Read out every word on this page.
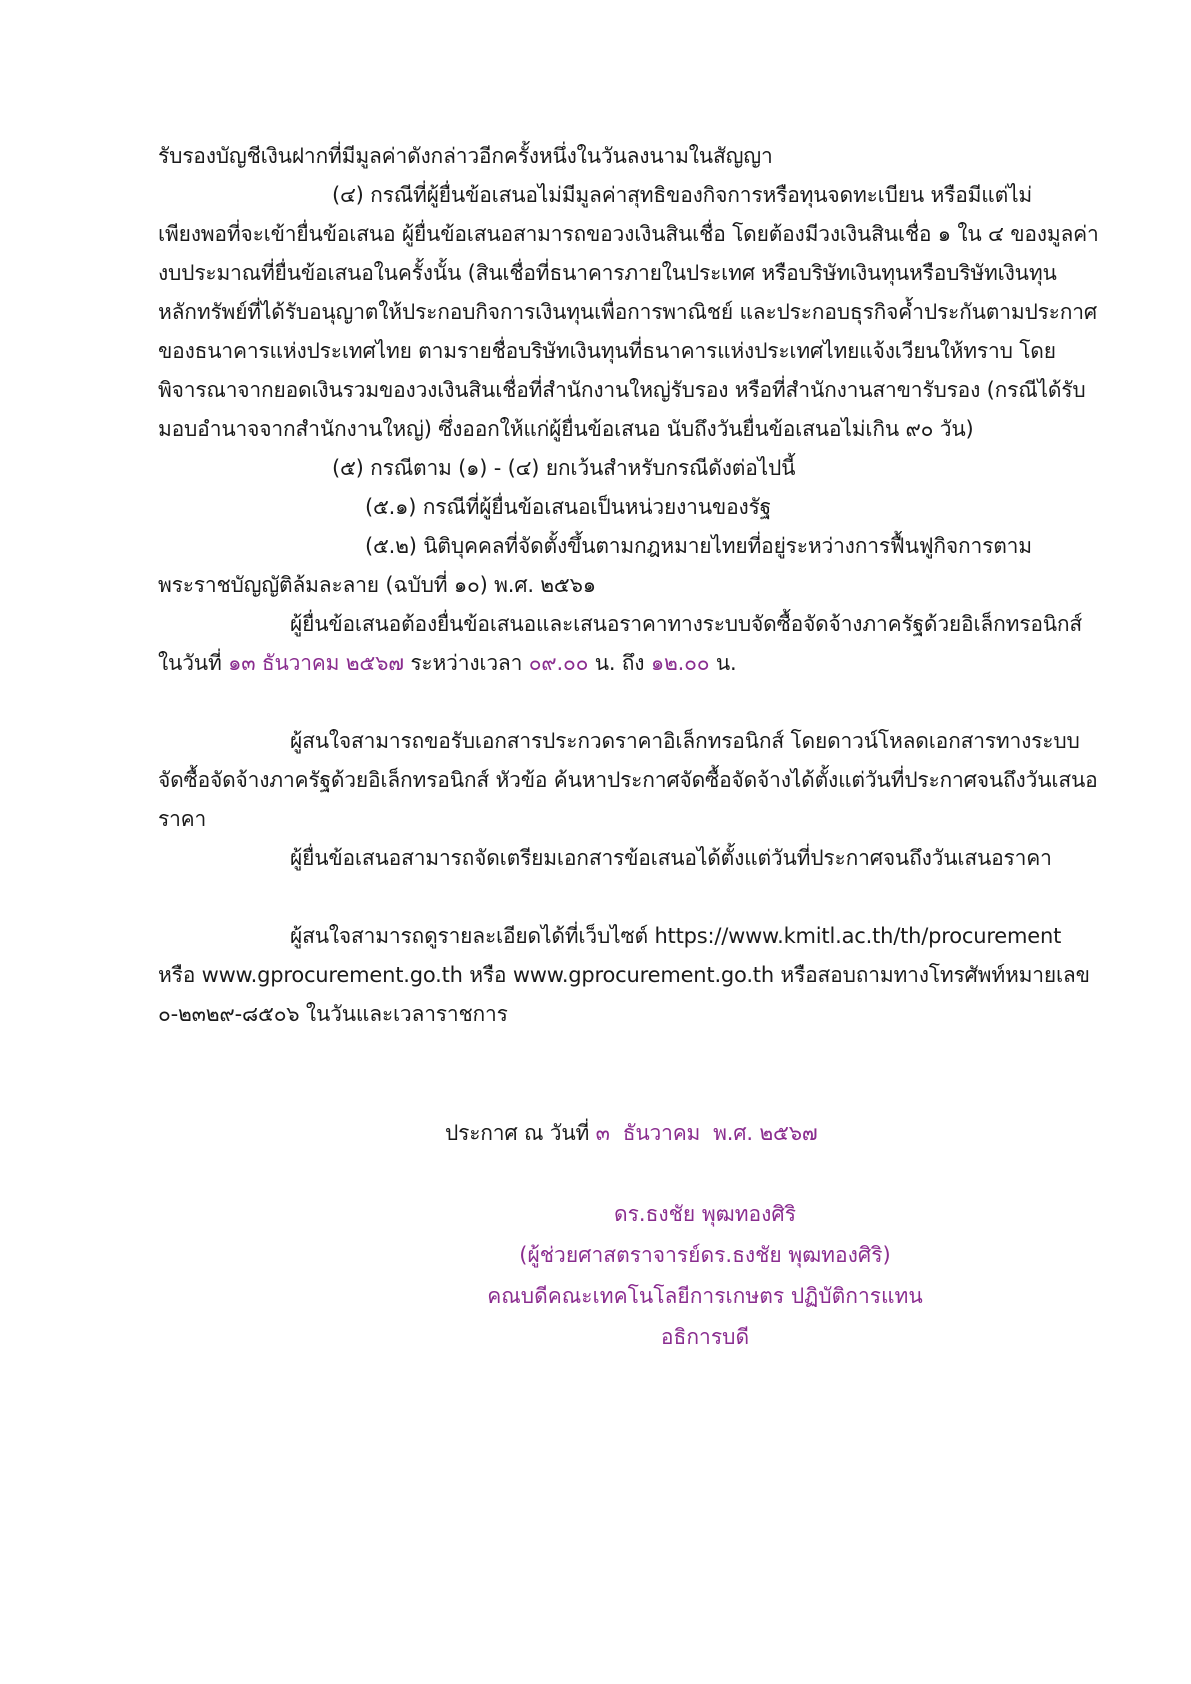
รับรองบัญชีเงินฝากที่มีมูลค่าดังกล่าวอีกครั้งหนึ่งในวันลงนามในสัญญา
(๔) กรณีที่ผู้ยื่นข้อเสนอไม่มีมูลค่าสุทธิของกิจการหรือทุนจดทะเบียน หรือมีแต่ไม่
เพียงพอที่จะเข้ายื่นข้อเสนอ ผู้ยื่นข้อเสนอสามารถขอวงเงินสินเชื่อ โดยต้องมีวงเงินสินเชื่อ ๑ ใน ๔ ของมูลค่า
งบประมาณที่ยื่นข้อเสนอในครั้งนั้น (สินเชื่อที่ธนาคารภายในประเทศ หรือบริษัทเงินทุนหรือบริษัทเงินทุน
หลักทรัพย์ที่ได้รับอนุญาตให้ประกอบกิจการเงินทุนเพื่อการพาณิชย์ และประกอบธุรกิจค้ำประกันตามประกาศ
ของธนาคารแห่งประเทศไทย ตามรายชื่อบริษัทเงินทุนที่ธนาคารแห่งประเทศไทยแจ้งเวียนให้ทราบ โดย
พิจารณาจากยอดเงินรวมของวงเงินสินเชื่อที่สำนักงานใหญ่รับรอง หรือที่สำนักงานสาขารับรอง (กรณีได้รับ
มอบอำนาจจากสำนักงานใหญ่) ซึ่งออกให้แก่ผู้ยื่นข้อเสนอ นับถึงวันยื่นข้อเสนอไม่เกิน ๙๐ วัน)
(๕) กรณีตาม (๑) - (๔) ยกเว้นสำหรับกรณีดังต่อไปนี้
(๕.๑) กรณีที่ผู้ยื่นข้อเสนอเป็นหน่วยงานของรัฐ
(๕.๒) นิติบุคคลที่จัดตั้งขึ้นตามกฎหมายไทยที่อยู่ระหว่างการฟื้นฟูกิจการตาม
พระราชบัญญัติล้มละลาย (ฉบับที่ ๑๐) พ.ศ. ๒๕๖๑
ผู้ยื่นข้อเสนอต้องยื่นข้อเสนอและเสนอราคาทางระบบจัดซื้อจัดจ้างภาครัฐด้วยอิเล็กทรอนิกส์
ในวันที่ ๑๓ ธันวาคม ๒๕๖๗ ระหว่างเวลา ๐๙.๐๐ น. ถึง ๑๒.๐๐ น.
ผู้สนใจสามารถขอรับเอกสารประกวดราคาอิเล็กทรอนิกส์ โดยดาวน์โหลดเอกสารทางระบบ
จัดซื้อจัดจ้างภาครัฐด้วยอิเล็กทรอนิกส์ หัวข้อ ค้นหาประกาศจัดซื้อจัดจ้างได้ตั้งแต่วันที่ประกาศจนถึงวันเสนอ
ราคา
ผู้ยื่นข้อเสนอสามารถจัดเตรียมเอกสารข้อเสนอได้ตั้งแต่วันที่ประกาศจนถึงวันเสนอราคา
ผู้สนใจสามารถดูรายละเอียดได้ที่เว็บไซต์ https://www.kmitl.ac.th/th/procurement
หรือ www.gprocurement.go.th หรือ www.gprocurement.go.th หรือสอบถามทางโทรศัพท์หมายเลข
๐-๒๓๒๙-๘๕๐๖ ในวันและเวลาราชการ
ประกาศ ณ วันที่ ๓ ธันวาคม พ.ศ. ๒๕๖๗
ดร.ธงชัย พุฒทองศิริ
(ผู้ช่วยศาสตราจารย์ดร.ธงชัย พุฒทองศิริ)
คณบดีคณะเทคโนโลยีการเกษตร ปฏิบัติการแทน
อธิการบดี
